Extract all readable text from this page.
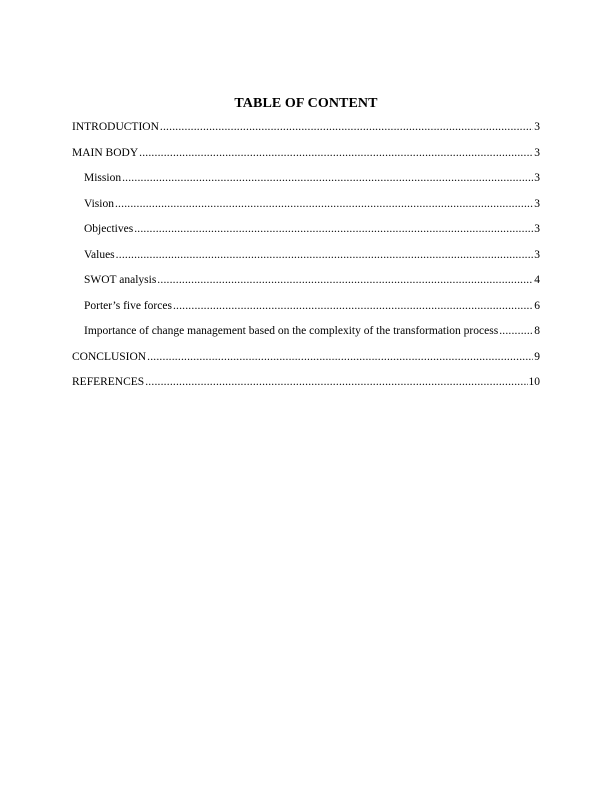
TABLE OF CONTENT
INTRODUCTION .....	3
MAIN BODY .....	3
Mission .....	3
Vision .....	3
Objectives .....	3
Values .....	3
SWOT analysis .....	4
Porter’s five forces .....	6
Importance of change management based on the complexity of the transformation process .....	8
CONCLUSION .....	9
REFERENCES .....	10
